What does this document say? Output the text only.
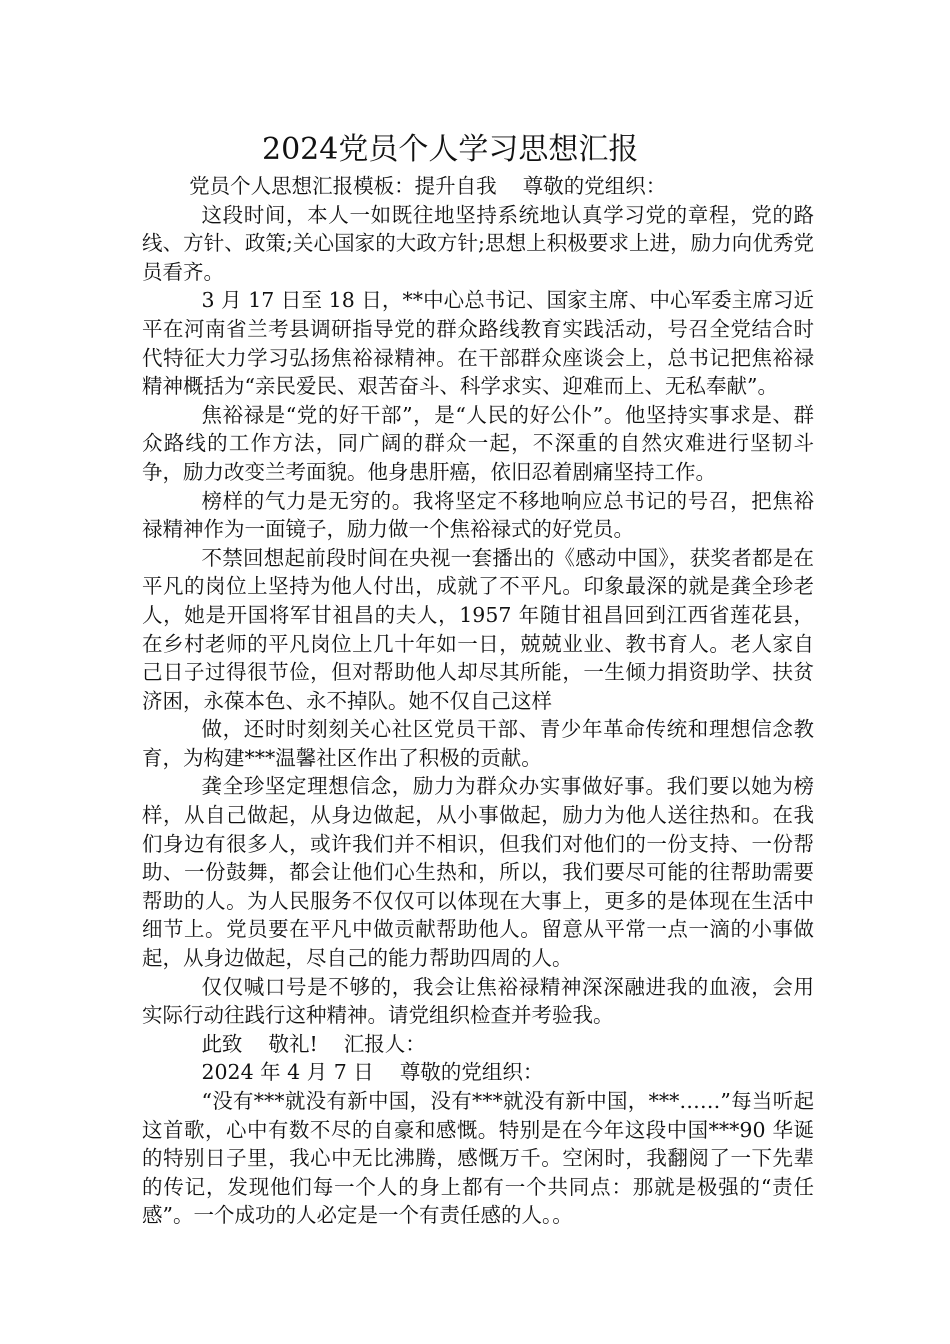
2024党员个人学习思想汇报

党员个人思想汇报模板：提升自我    尊敬的党组织：

这段时间，本人一如既往地坚持系统地认真学习党的章程，党的路线、方针、政策;关心国家的大政方针;思想上积极要求上进，励力向优秀党员看齐。

3 月 17 日至 18 日，**中心总书记、国家主席、中心军委主席习近平在河南省兰考县调研指导党的群众路线教育实践活动，号召全党结合时代特征大力学习弘扬焦裕禄精神。在干部群众座谈会上，总书记把焦裕禄精神概括为“亲民爱民、艰苦奋斗、科学求实、迎难而上、无私奉献”。

焦裕禄是“党的好干部”，是“人民的好公仆”。他坚持实事求是、群众路线的工作方法，同广阔的群众一起，不深重的自然灾难进行坚韧斗争，励力改变兰考面貌。他身患肝癌，依旧忍着剧痛坚持工作。

榜样的气力是无穷的。我将坚定不移地响应总书记的号召，把焦裕禄精神作为一面镜子，励力做一个焦裕禄式的好党员。

不禁回想起前段时间在央视一套播出的《感动中国》，获奖者都是在平凡的岗位上坚持为他人付出，成就了不平凡。印象最深的就是龚全珍老人，她是开国将军甘祖昌的夫人，1957 年随甘祖昌回到江西省莲花县，在乡村老师的平凡岗位上几十年如一日，兢兢业业、教书育人。老人家自己日子过得很节俭，但对帮助他人却尽其所能，一生倾力捐资助学、扶贫济困，永葆本色、永不掉队。她不仅自己这样

做，还时时刻刻关心社区党员干部、青少年革命传统和理想信念教育，为构建***温馨社区作出了积极的贡献。

龚全珍坚定理想信念，励力为群众办实事做好事。我们要以她为榜样，从自己做起，从身边做起，从小事做起，励力为他人送往热和。在我们身边有很多人，或许我们并不相识，但我们对他们的一份支持、一份帮助、一份鼓舞，都会让他们心生热和，所以，我们要尽可能的往帮助需要帮助的人。为人民服务不仅仅可以体现在大事上，更多的是体现在生活中细节上。党员要在平凡中做贡献帮助他人。留意从平常一点一滴的小事做起，从身边做起，尽自己的能力帮助四周的人。

仅仅喊口号是不够的，我会让焦裕禄精神深深融进我的血液，会用实际行动往践行这种精神。请党组织检查并考验我。

此致    敬礼!    汇报人：

2024 年 4 月 7 日    尊敬的党组织：

“没有***就没有新中国，没有***就没有新中国，***……”每当听起这首歌，心中有数不尽的自豪和感慨。特别是在今年这段中国***90 华诞的特别日子里，我心中无比沸腾，感慨万千。空闲时，我翻阅了一下先辈的传记，发现他们每一个人的身上都有一个共同点：那就是极强的“责任感”。一个成功的人必定是一个有责任感的人。。
